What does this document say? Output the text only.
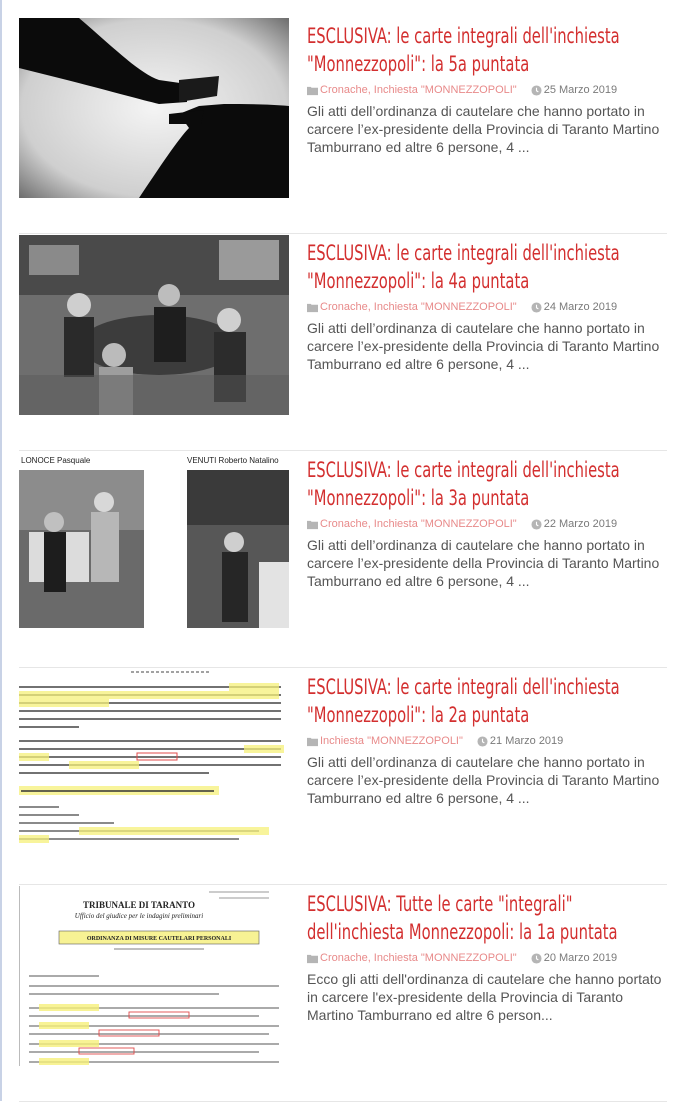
ESCLUSIVA: le carte integrali dell'inchiesta "Monnezzopoli": la 5a puntata
Cronache, Inchiesta "MONNEZZOPOLI" 25 Marzo 2019
Gli atti dell’ordinanza di cautelare che hanno portato in carcere l’ex-presidente della Provincia di Taranto Martino Tamburrano ed altre 6 persone, 4 ...
ESCLUSIVA: le carte integrali dell'inchiesta "Monnezzopoli": la 4a puntata
Cronache, Inchiesta "MONNEZZOPOLI" 24 Marzo 2019
Gli atti dell’ordinanza di cautelare che hanno portato in carcere l’ex-presidente della Provincia di Taranto Martino Tamburrano ed altre 6 persone, 4 ...
LONOCE Pasquale	VENUTI Roberto Natalino ESCLUSIVA: le carte integrali dell'inchiesta "Monnezzopoli": la 3a puntata
Cronache, Inchiesta "MONNEZZOPOLI" 22 Marzo 2019
Gli atti dell’ordinanza di cautelare che hanno portato in carcere l’ex-presidente della Provincia di Taranto Martino Tamburrano ed altre 6 persone, 4 ...
ESCLUSIVA: le carte integrali dell'inchiesta "Monnezzopoli": la 2a puntata
Inchiesta "MONNEZZOPOLI" 21 Marzo 2019
Gli atti dell’ordinanza di cautelare che hanno portato in carcere l’ex-presidente della Provincia di Taranto Martino Tamburrano ed altre 6 persone, 4 ...
TRIBUNALE DI TARANTO
Ufficio del giudice per le indagini preliminari
ORDINANZA DI MISURE CAUTELARI PERSONALI
ESCLUSIVA: Tutte le carte "integrali" dell'inchiesta Monnezzopoli: la 1a puntata
Cronache, Inchiesta "MONNEZZOPOLI" 20 Marzo 2019
Ecco gli atti dell'ordinanza di cautelare che hanno portato in carcere l'ex-presidente della Provincia di Taranto Martino Tamburrano ed altre 6 person...
